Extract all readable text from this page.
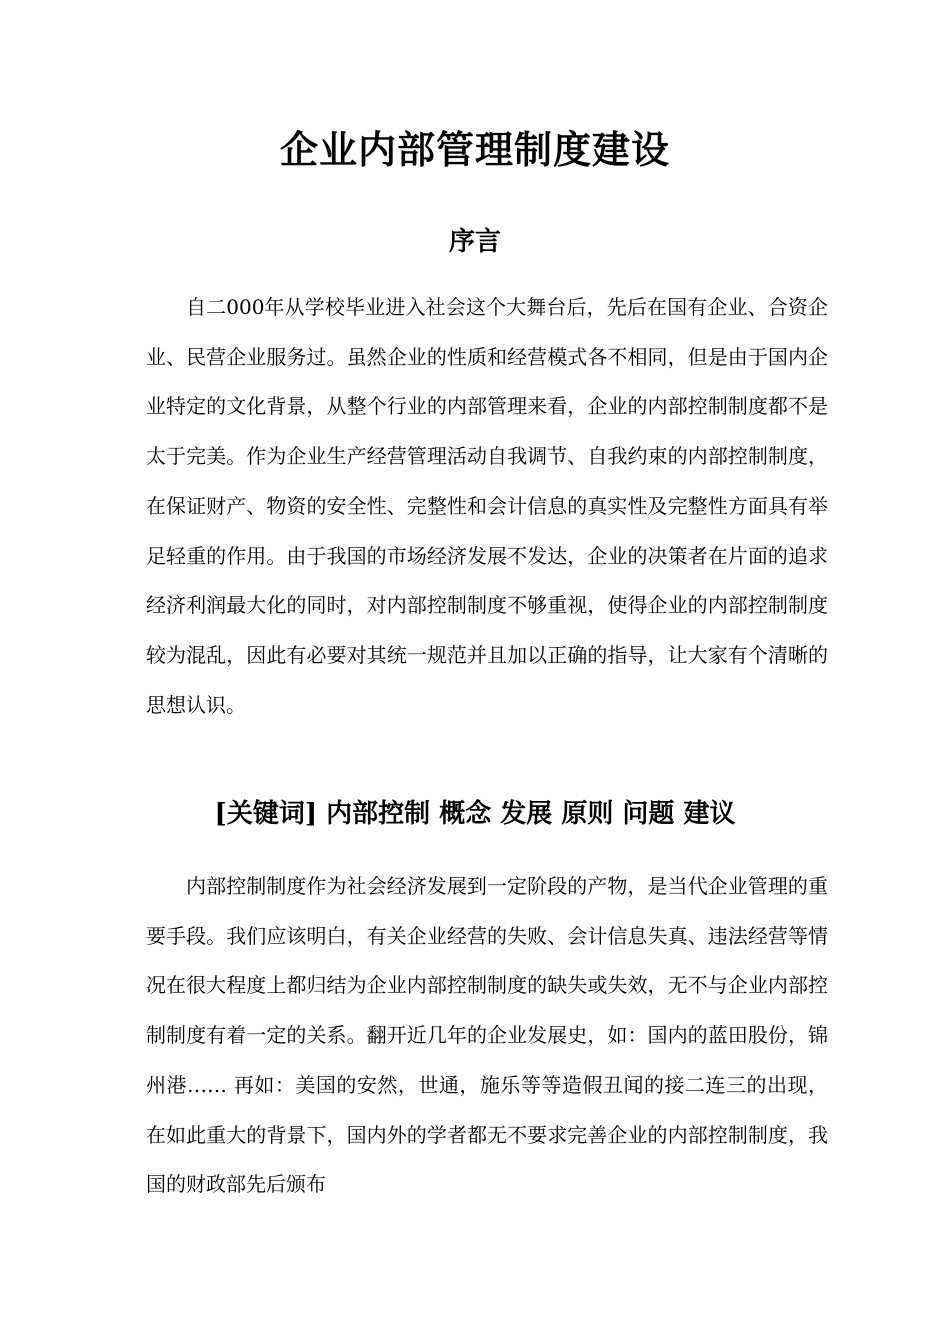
企业内部管理制度建设
序言

自二000年从学校毕业进入社会这个大舞台后，先后在国有企业、合资企业、民营企业服务过。虽然企业的性质和经营模式各不相同，但是由于国内企业特定的文化背景，从整个行业的内部管理来看，企业的内部控制制度都不是太于完美。作为企业生产经营管理活动自我调节、自我约束的内部控制制度，在保证财产、物资的安全性、完整性和会计信息的真实性及完整性方面具有举足轻重的作用。由于我国的市场经济发展不发达，企业的决策者在片面的追求经济利润最大化的同时，对内部控制制度不够重视，使得企业的内部控制制度较为混乱，因此有必要对其统一规范并且加以正确的指导，让大家有个清晰的思想认识。

[关键词] 内部控制 概念 发展 原则 问题 建议

内部控制制度作为社会经济发展到一定阶段的产物，是当代企业管理的重要手段。我们应该明白，有关企业经营的失败、会计信息失真、违法经营等情况在很大程度上都归结为企业内部控制制度的缺失或失效，无不与企业内部控制制度有着一定的关系。翻开近几年的企业发展史，如：国内的蓝田股份，锦州港…… 再如：美国的安然，世通，施乐等等造假丑闻的接二连三的出现，在如此重大的背景下，国内外的学者都无不要求完善企业的内部控制制度，我国的财政部先后颁布
